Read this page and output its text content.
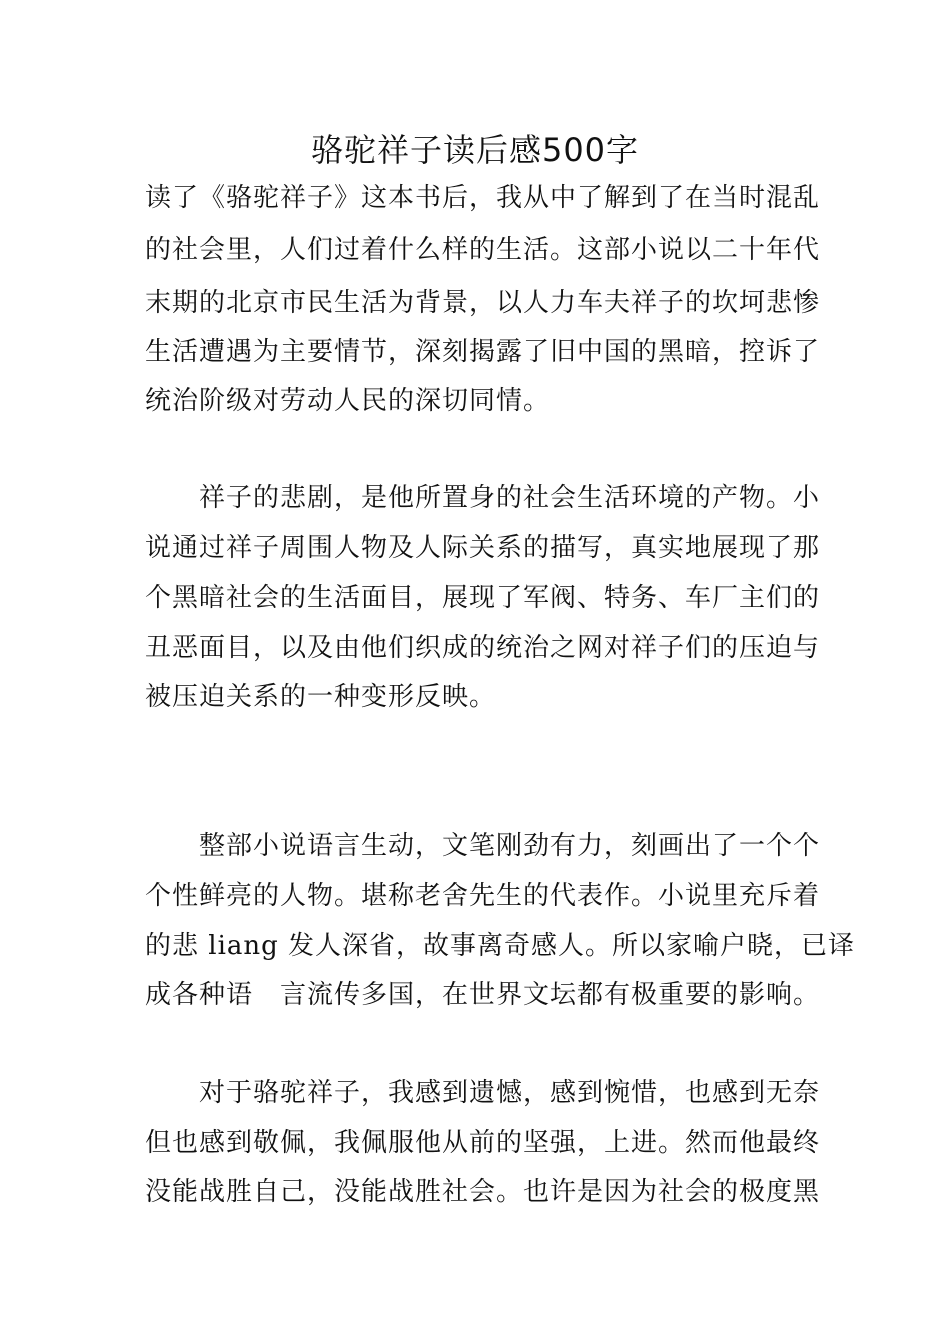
骆驼祥子读后感500字
读了《骆驼祥子》这本书后，我从中了解到了在当时混乱
的社会里，人们过着什么样的生活。这部小说以二十年代
末期的北京市民生活为背景，以人力车夫祥子的坎坷悲惨
生活遭遇为主要情节，深刻揭露了旧中国的黑暗，控诉了
统治阶级对劳动人民的深切同情。
　　祥子的悲剧，是他所置身的社会生活环境的产物。小
说通过祥子周围人物及人际关系的描写，真实地展现了那
个黑暗社会的生活面目，展现了军阀、特务、车厂主们的
丑恶面目，以及由他们织成的统治之网对祥子们的压迫与
被压迫关系的一种变形反映。
　　整部小说语言生动，文笔刚劲有力，刻画出了一个个
个性鲜亮的人物。堪称老舍先生的代表作。小说里充斥着
的悲 liang 发人深省，故事离奇感人。所以家喻户晓，已译
成各种语　言流传多国，在世界文坛都有极重要的影响。
　　对于骆驼祥子，我感到遗憾，感到惋惜，也感到无奈
但也感到敬佩，我佩服他从前的坚强，上进。然而他最终
没能战胜自己，没能战胜社会。也许是因为社会的极度黑
